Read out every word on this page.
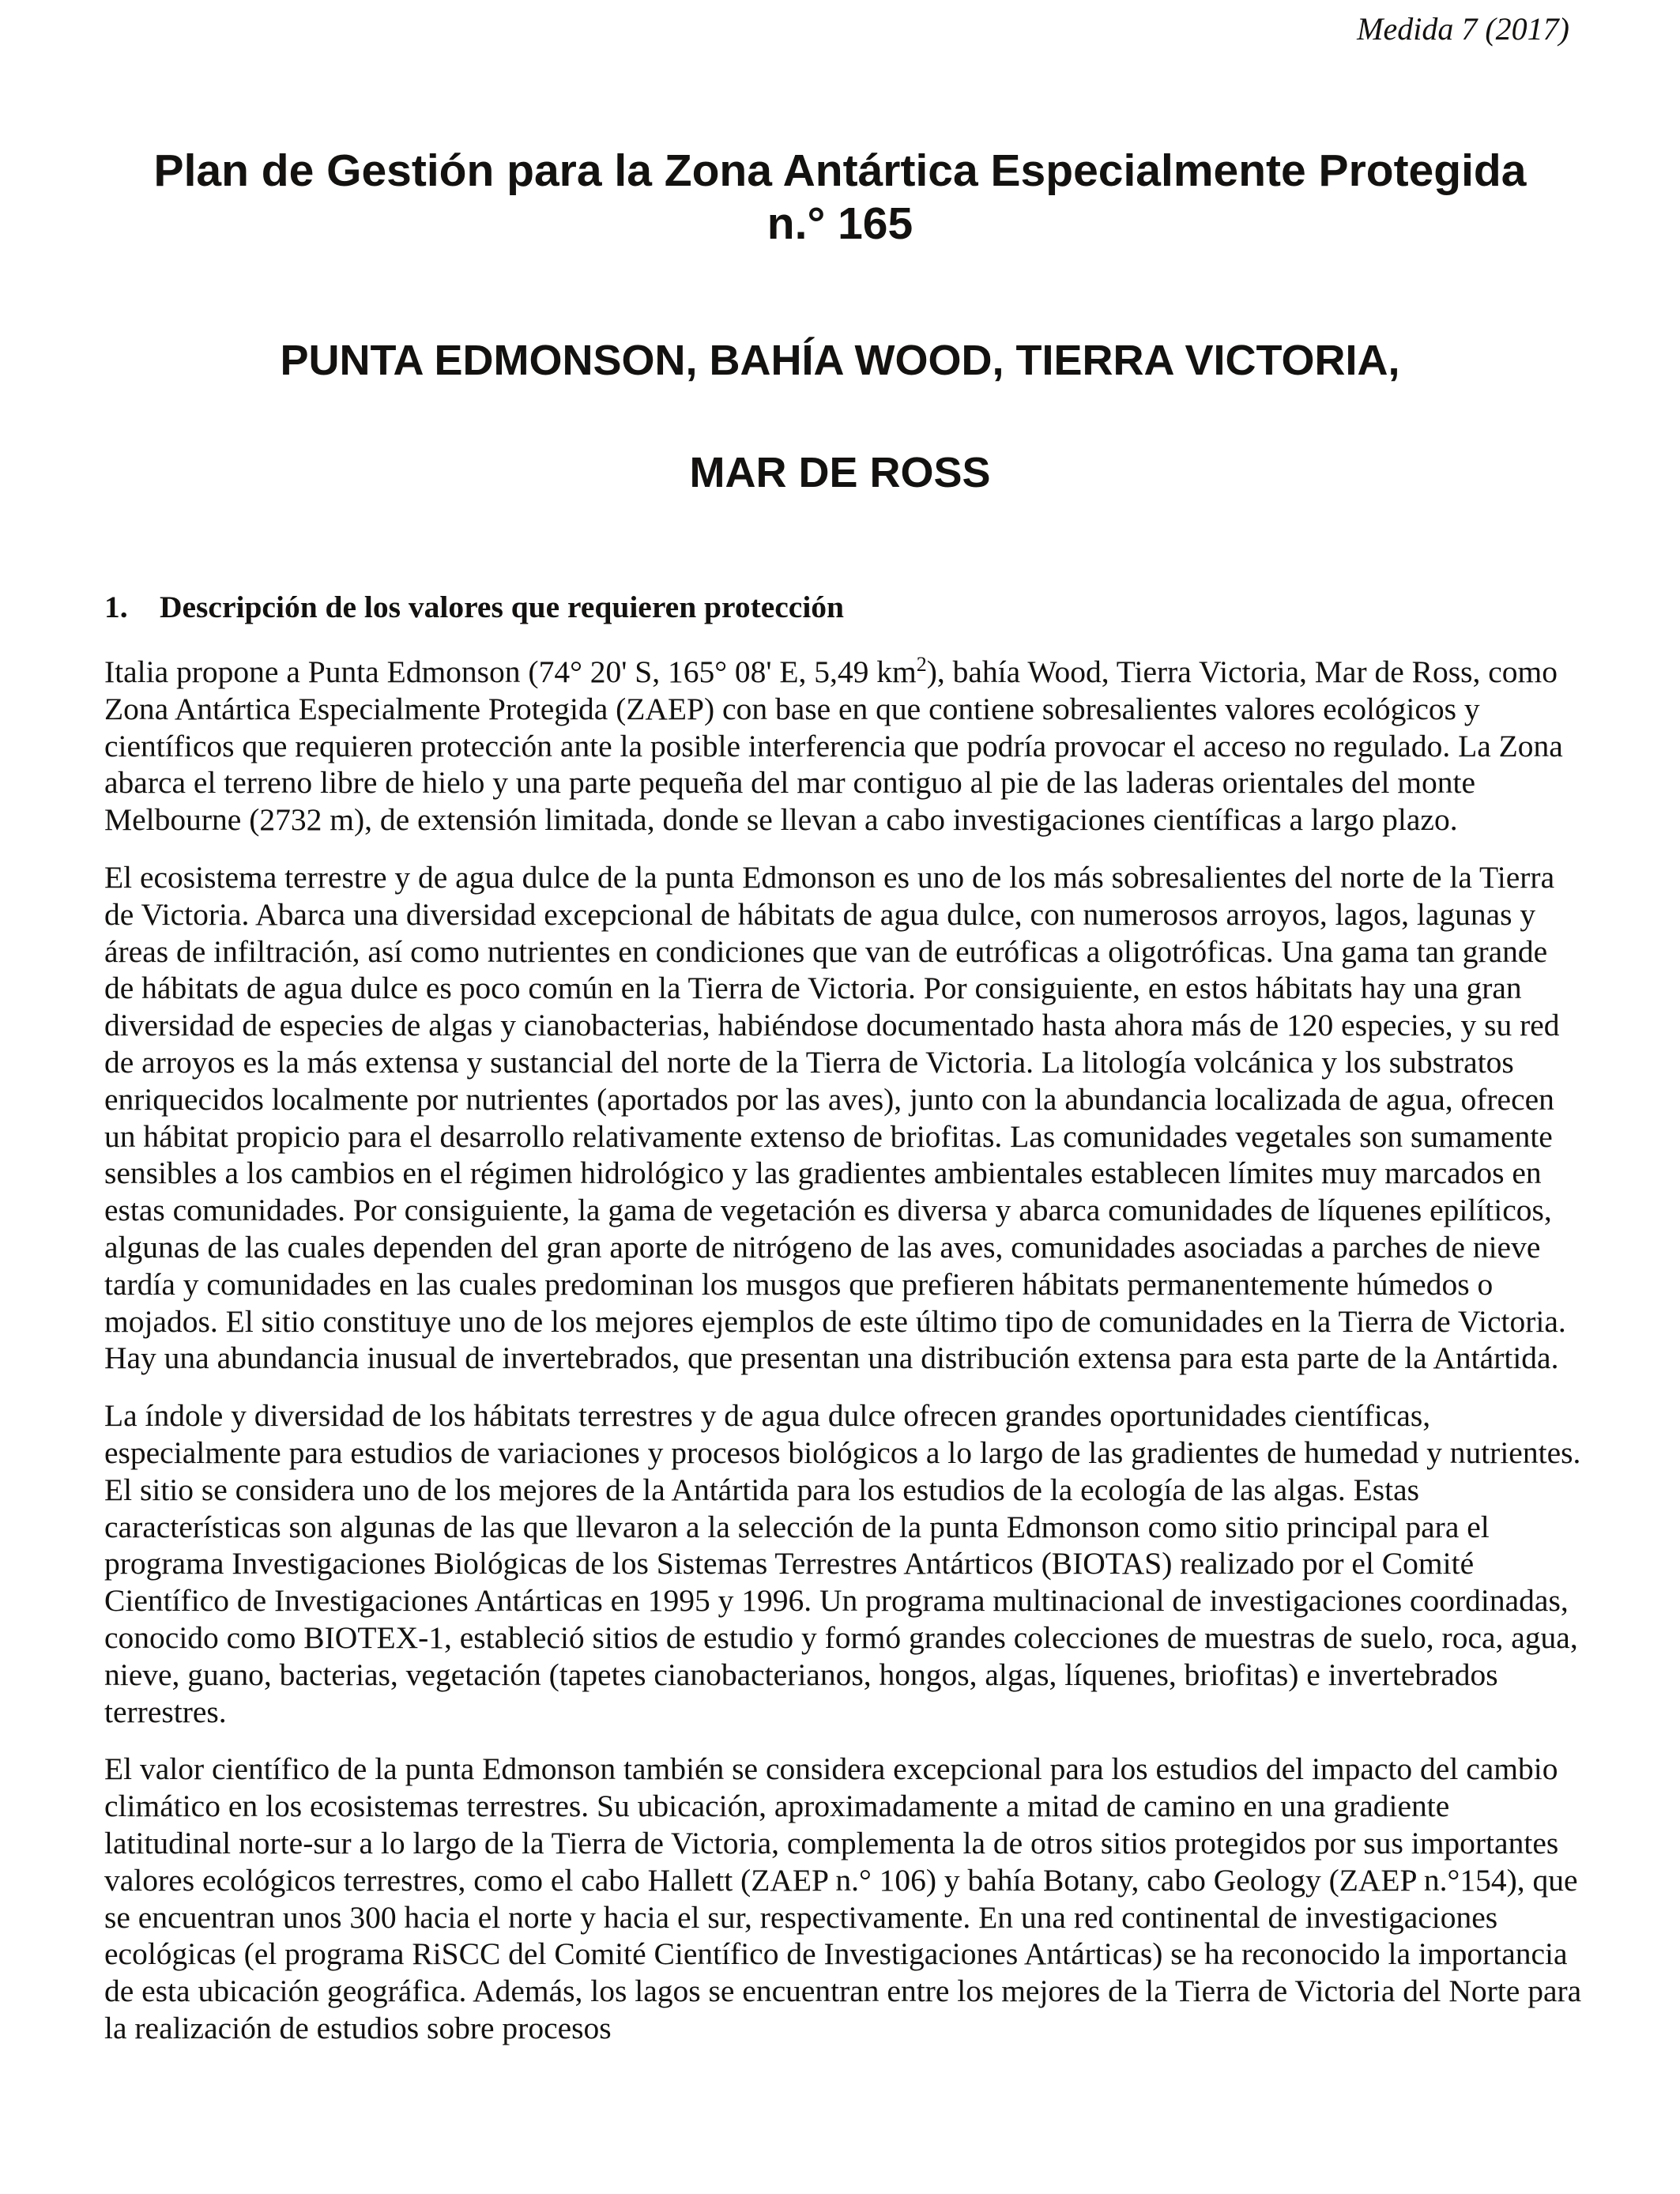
Medida 7 (2017)
Plan de Gestión para la Zona Antártica Especialmente Protegida
n.° 165
PUNTA EDMONSON, BAHÍA WOOD, TIERRA VICTORIA,
MAR DE ROSS
1. Descripción de los valores que requieren protección

Italia propone a Punta Edmonson (74° 20' S, 165° 08' E, 5,49 $km^2$), bahía Wood, Tierra Victoria, Mar de Ross, como Zona Antártica Especialmente Protegida (ZAEP) con base en que contiene sobresalientes valores ecológicos y científicos que requieren protección ante la posible interferencia que podría provocar el acceso no regulado. La Zona abarca el terreno libre de hielo y una parte pequeña del mar contiguo al pie de las laderas orientales del monte Melbourne (2732 m), de extensión limitada, donde se llevan a cabo investigaciones científicas a largo plazo.

El ecosistema terrestre y de agua dulce de la punta Edmonson es uno de los más sobresalientes del norte de la Tierra de Victoria. Abarca una diversidad excepcional de hábitats de agua dulce, con numerosos arroyos, lagos, lagunas y áreas de infiltración, así como nutrientes en condiciones que van de eutróficas a oligotróficas. Una gama tan grande de hábitats de agua dulce es poco común en la Tierra de Victoria. Por consiguiente, en estos hábitats hay una gran diversidad de especies de algas y cianobacterias, habiéndose documentado hasta ahora más de 120 especies, y su red de arroyos es la más extensa y sustancial del norte de la Tierra de Victoria. La litología volcánica y los substratos enriquecidos localmente por nutrientes (aportados por las aves), junto con la abundancia localizada de agua, ofrecen un hábitat propicio para el desarrollo relativamente extenso de briofitas. Las comunidades vegetales son sumamente sensibles a los cambios en el régimen hidrológico y las gradientes ambientales establecen límites muy marcados en estas comunidades. Por consiguiente, la gama de vegetación es diversa y abarca comunidades de líquenes epilíticos, algunas de las cuales dependen del gran aporte de nitrógeno de las aves, comunidades asociadas a parches de nieve tardía y comunidades en las cuales predominan los musgos que prefieren hábitats permanentemente húmedos o mojados. El sitio constituye uno de los mejores ejemplos de este último tipo de comunidades en la Tierra de Victoria. Hay una abundancia inusual de invertebrados, que presentan una distribución extensa para esta parte de la Antártida.

La índole y diversidad de los hábitats terrestres y de agua dulce ofrecen grandes oportunidades científicas, especialmente para estudios de variaciones y procesos biológicos a lo largo de las gradientes de humedad y nutrientes. El sitio se considera uno de los mejores de la Antártida para los estudios de la ecología de las algas. Estas características son algunas de las que llevaron a la selección de la punta Edmonson como sitio principal para el programa Investigaciones Biológicas de los Sistemas Terrestres Antárticos (BIOTAS) realizado por el Comité Científico de Investigaciones Antárticas en 1995 y 1996. Un programa multinacional de investigaciones coordinadas, conocido como BIOTEX-1, estableció sitios de estudio y formó grandes colecciones de muestras de suelo, roca, agua, nieve, guano, bacterias, vegetación (tapetes cianobacterianos, hongos, algas, líquenes, briofitas) e invertebrados terrestres.

El valor científico de la punta Edmonson también se considera excepcional para los estudios del impacto del cambio climático en los ecosistemas terrestres. Su ubicación, aproximadamente a mitad de camino en una gradiente latitudinal norte-sur a lo largo de la Tierra de Victoria, complementa la de otros sitios protegidos por sus importantes valores ecológicos terrestres, como el cabo Hallett (ZAEP n.° 106) y bahía Botany, cabo Geology (ZAEP n.°154), que se encuentran unos 300 hacia el norte y hacia el sur, respectivamente. En una red continental de investigaciones ecológicas (el programa RiSCC del Comité Científico de Investigaciones Antárticas) se ha reconocido la importancia de esta ubicación geográfica. Además, los lagos se encuentran entre los mejores de la Tierra de Victoria del Norte para la realización de estudios sobre procesos
